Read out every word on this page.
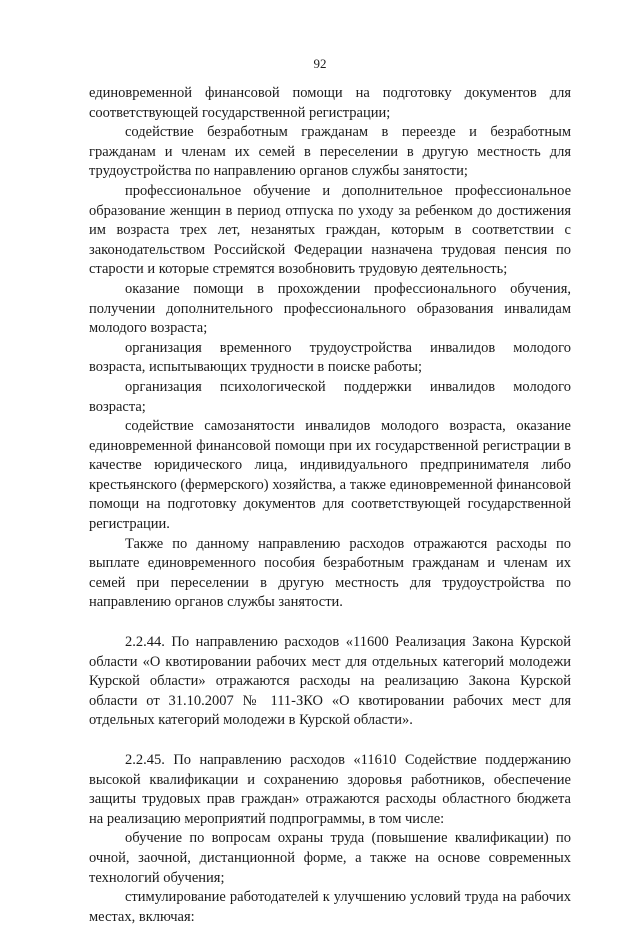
92

единовременной финансовой помощи на подготовку документов для соответствующей государственной регистрации;

содействие безработным гражданам в переезде и безработным гражданам и членам их семей в переселении в другую местность для трудоустройства по направлению органов службы занятости;

профессиональное обучение и дополнительное профессиональное образование женщин в период отпуска по уходу за ребенком до достижения им возраста трех лет, незанятых граждан, которым в соответствии с законодательством Российской Федерации назначена трудовая пенсия по старости и которые стремятся возобновить трудовую деятельность;

оказание помощи в прохождении профессионального обучения, получении дополнительного профессионального образования инвалидам молодого возраста;

организация временного трудоустройства инвалидов молодого возраста, испытывающих трудности в поиске работы;

организация психологической поддержки инвалидов молодого возраста;

содействие самозанятости инвалидов молодого возраста, оказание единовременной финансовой помощи при их государственной регистрации в качестве юридического лица, индивидуального предпринимателя либо крестьянского (фермерского) хозяйства, а также единовременной финансовой помощи на подготовку документов для соответствующей государственной регистрации.

Также по данному направлению расходов отражаются расходы по выплате единовременного пособия безработным гражданам и членам их семей при переселении в другую местность для трудоустройства по направлению органов службы занятости.

2.2.44. По направлению расходов «11600 Реализация Закона Курской области «О квотировании рабочих мест для отдельных категорий молодежи Курской области» отражаются расходы на реализацию Закона Курской области от 31.10.2007 № 111-ЗКО «О квотировании рабочих мест для отдельных категорий молодежи в Курской области».

2.2.45. По направлению расходов «11610 Содействие поддержанию высокой квалификации и сохранению здоровья работников, обеспечение защиты трудовых прав граждан» отражаются расходы областного бюджета на реализацию мероприятий подпрограммы, в том числе:

обучение по вопросам охраны труда (повышение квалификации) по очной, заочной, дистанционной форме, а также на основе современных технологий обучения;

стимулирование работодателей к улучшению условий труда на рабочих местах, включая:
